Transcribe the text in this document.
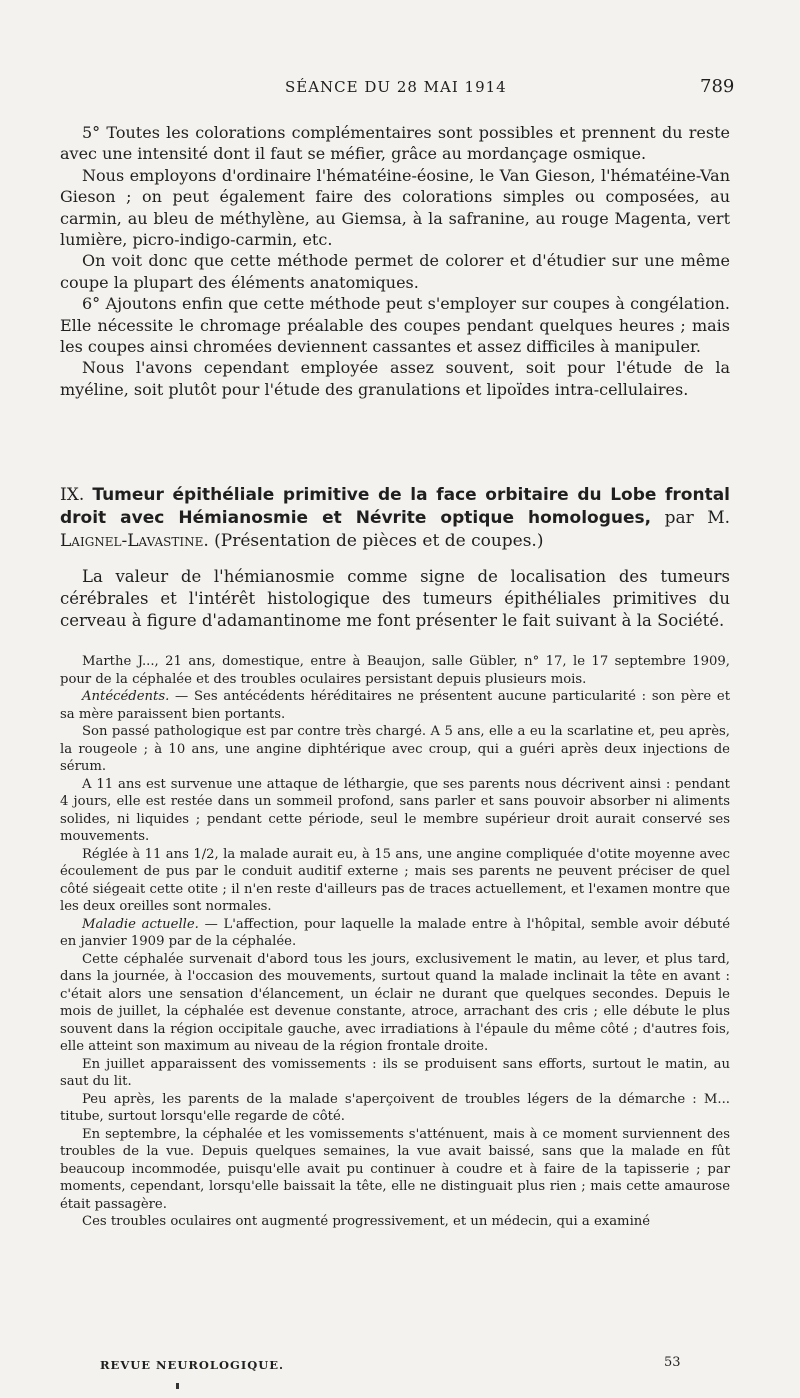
SÉANCE DU 28 MAI 1914	789

5° Toutes les colorations complémentaires sont possibles et prennent du reste avec une intensité dont il faut se méfier, grâce au mordançage osmique.

Nous employons d'ordinaire l'hématéine-éosine, le Van Gieson, l'hématéine-Van Gieson ; on peut également faire des colorations simples ou composées, au carmin, au bleu de méthylène, au Giemsa, à la safranine, au rouge Magenta, vert lumière, picro-indigo-carmin, etc.

On voit donc que cette méthode permet de colorer et d'étudier sur une même coupe la plupart des éléments anatomiques.

6° Ajoutons enfin que cette méthode peut s'employer sur coupes à congélation. Elle nécessite le chromage préalable des coupes pendant quelques heures ; mais les coupes ainsi chromées deviennent cassantes et assez difficiles à manipuler.

Nous l'avons cependant employée assez souvent, soit pour l'étude de la myéline, soit plutôt pour l'étude des granulations et lipoïdes intra-cellulaires.

IX. Tumeur épithéliale primitive de la face orbitaire du Lobe frontal droit avec Hémianosmie et Névrite optique homologues, par M. Laignel-Lavastine. (Présentation de pièces et de coupes.)

La valeur de l'hémianosmie comme signe de localisation des tumeurs cérébrales et l'intérêt histologique des tumeurs épithéliales primitives du cerveau à figure d'adamantinome me font présenter le fait suivant à la Société.

Marthe J..., 21 ans, domestique, entre à Beaujon, salle Gübler, n° 17, le 17 septembre 1909, pour de la céphalée et des troubles oculaires persistant depuis plusieurs mois.

Antécédents. — Ses antécédents héréditaires ne présentent aucune particularité : son père et sa mère paraissent bien portants.

Son passé pathologique est par contre très chargé. A 5 ans, elle a eu la scarlatine et, peu après, la rougeole ; à 10 ans, une angine diphtérique avec croup, qui a guéri après deux injections de sérum.

A 11 ans est survenue une attaque de léthargie, que ses parents nous décrivent ainsi : pendant 4 jours, elle est restée dans un sommeil profond, sans parler et sans pouvoir absorber ni aliments solides, ni liquides ; pendant cette période, seul le membre supérieur droit aurait conservé ses mouvements.

Réglée à 11 ans 1/2, la malade aurait eu, à 15 ans, une angine compliquée d'otite moyenne avec écoulement de pus par le conduit auditif externe ; mais ses parents ne peuvent préciser de quel côté siégeait cette otite ; il n'en reste d'ailleurs pas de traces actuellement, et l'examen montre que les deux oreilles sont normales.

Maladie actuelle. — L'affection, pour laquelle la malade entre à l'hôpital, semble avoir débuté en janvier 1909 par de la céphalée.

Cette céphalée survenait d'abord tous les jours, exclusivement le matin, au lever, et plus tard, dans la journée, à l'occasion des mouvements, surtout quand la malade inclinait la tête en avant : c'était alors une sensation d'élancement, un éclair ne durant que quelques secondes. Depuis le mois de juillet, la céphalée est devenue constante, atroce, arrachant des cris ; elle débute le plus souvent dans la région occipitale gauche, avec irradiations à l'épaule du même côté ; d'autres fois, elle atteint son maximum au niveau de la région frontale droite.

En juillet apparaissent des vomissements : ils se produisent sans efforts, surtout le matin, au saut du lit.

Peu après, les parents de la malade s'aperçoivent de troubles légers de la démarche : M... titube, surtout lorsqu'elle regarde de côté.

En septembre, la céphalée et les vomissements s'atténuent, mais à ce moment surviennent des troubles de la vue. Depuis quelques semaines, la vue avait baissé, sans que la malade en fût beaucoup incommodée, puisqu'elle avait pu continuer à coudre et à faire de la tapisserie ; par moments, cependant, lorsqu'elle baissait la tête, elle ne distinguait plus rien ; mais cette amaurose était passagère.

Ces troubles oculaires ont augmenté progressivement, et un médecin, qui a examiné

REVUE NEUROLOGIQUE.	53
